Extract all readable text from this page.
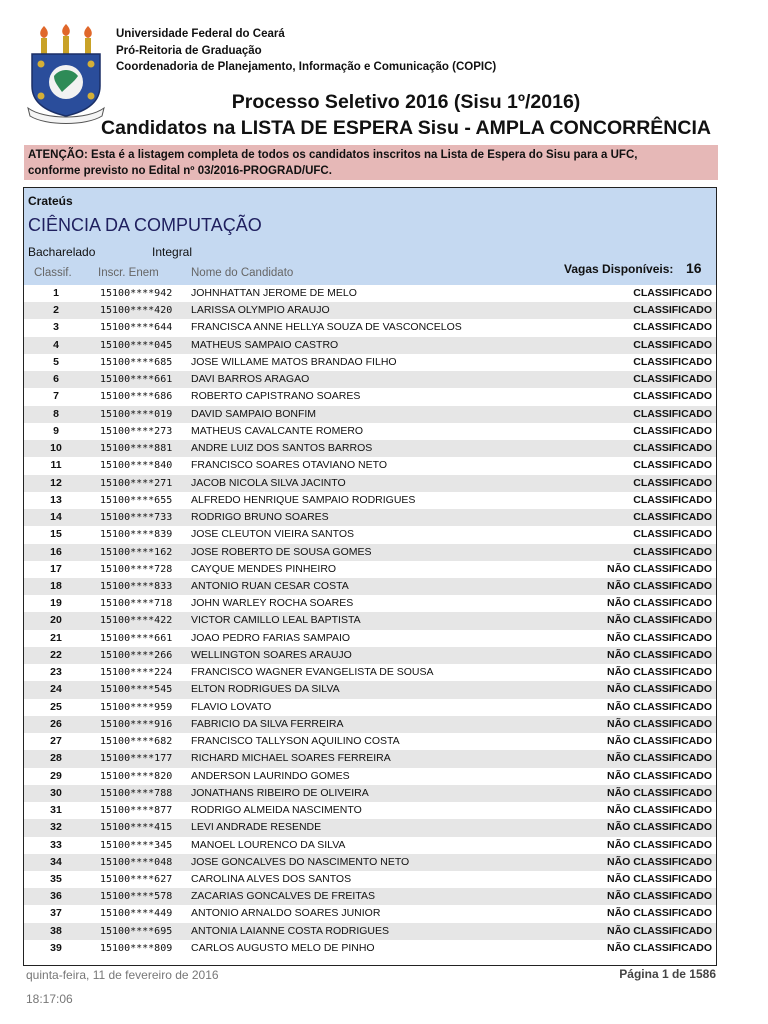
Universidade Federal do Ceará
Pró-Reitoria de Graduação
Coordenadoria de Planejamento, Informação e Comunicação (COPIC)
Processo Seletivo 2016 (Sisu 1º/2016)
Candidatos na LISTA DE ESPERA Sisu - AMPLA CONCORRÊNCIA
ATENÇÃO: Esta é a listagem completa de todos os candidatos inscritos na Lista de Espera do Sisu para a UFC,
conforme previsto no Edital nº 03/2016-PROGRAD/UFC.
Crateús
CIÊNCIA DA COMPUTAÇÃO
Bacharelado	Integral
Vagas Disponíveis: 16
Classif. Inscr. Enem	Nome do Candidato
1	15100****942 JOHNHATTAN JEROME DE MELO	CLASSIFICADO
2	15100****420 LARISSA OLYMPIO ARAUJO	CLASSIFICADO
3	15100****644 FRANCISCA ANNE HELLYA SOUZA DE VASCONCELOS	CLASSIFICADO
4	15100****045 MATHEUS SAMPAIO CASTRO	CLASSIFICADO
5	15100****685 JOSE WILLAME MATOS BRANDAO FILHO	CLASSIFICADO
6	15100****661 DAVI BARROS ARAGAO	CLASSIFICADO
7	15100****686 ROBERTO CAPISTRANO SOARES	CLASSIFICADO
8	15100****019 DAVID SAMPAIO BONFIM	CLASSIFICADO
9	15100****273 MATHEUS CAVALCANTE ROMERO	CLASSIFICADO
10	15100****881 ANDRE LUIZ DOS SANTOS BARROS	CLASSIFICADO
11	15100****840 FRANCISCO SOARES OTAVIANO NETO	CLASSIFICADO
12	15100****271 JACOB NICOLA SILVA JACINTO	CLASSIFICADO
13	15100****655 ALFREDO HENRIQUE SAMPAIO RODRIGUES	CLASSIFICADO
14	15100****733 RODRIGO BRUNO SOARES	CLASSIFICADO
15	15100****839 JOSE CLEUTON VIEIRA SANTOS	CLASSIFICADO
16	15100****162 JOSE ROBERTO DE SOUSA GOMES	CLASSIFICADO
17	15100****728 CAYQUE MENDES PINHEIRO	NÃO CLASSIFICADO
18	15100****833 ANTONIO RUAN CESAR COSTA	NÃO CLASSIFICADO
19	15100****718 JOHN WARLEY ROCHA SOARES	NÃO CLASSIFICADO
20	15100****422 VICTOR CAMILLO LEAL BAPTISTA	NÃO CLASSIFICADO
21	15100****661 JOAO PEDRO FARIAS SAMPAIO	NÃO CLASSIFICADO
22	15100****266 WELLINGTON SOARES ARAUJO	NÃO CLASSIFICADO
23	15100****224 FRANCISCO WAGNER EVANGELISTA DE SOUSA	NÃO CLASSIFICADO
24	15100****545 ELTON RODRIGUES DA SILVA	NÃO CLASSIFICADO
25	15100****959 FLAVIO LOVATO	NÃO CLASSIFICADO
26	15100****916 FABRICIO DA SILVA FERREIRA	NÃO CLASSIFICADO
27	15100****682 FRANCISCO TALLYSON AQUILINO COSTA	NÃO CLASSIFICADO
28	15100****177 RICHARD MICHAEL SOARES FERREIRA	NÃO CLASSIFICADO
29	15100****820 ANDERSON LAURINDO GOMES	NÃO CLASSIFICADO
30	15100****788 JONATHANS RIBEIRO DE OLIVEIRA	NÃO CLASSIFICADO
31	15100****877 RODRIGO ALMEIDA NASCIMENTO	NÃO CLASSIFICADO
32	15100****415 LEVI ANDRADE RESENDE	NÃO CLASSIFICADO
33	15100****345 MANOEL LOURENCO DA SILVA	NÃO CLASSIFICADO
34	15100****048 JOSE GONCALVES DO NASCIMENTO NETO	NÃO CLASSIFICADO
35	15100****627 CAROLINA ALVES DOS SANTOS	NÃO CLASSIFICADO
36	15100****578 ZACARIAS GONCALVES DE FREITAS	NÃO CLASSIFICADO
37	15100****449 ANTONIO ARNALDO SOARES JUNIOR	NÃO CLASSIFICADO
38	15100****695 ANTONIA LAIANNE COSTA RODRIGUES	NÃO CLASSIFICADO
39	15100****809 CARLOS AUGUSTO MELO DE PINHO	NÃO CLASSIFICADO
quinta-feira, 11 de fevereiro de 2016
18:17:06
Página 1 de 1586
